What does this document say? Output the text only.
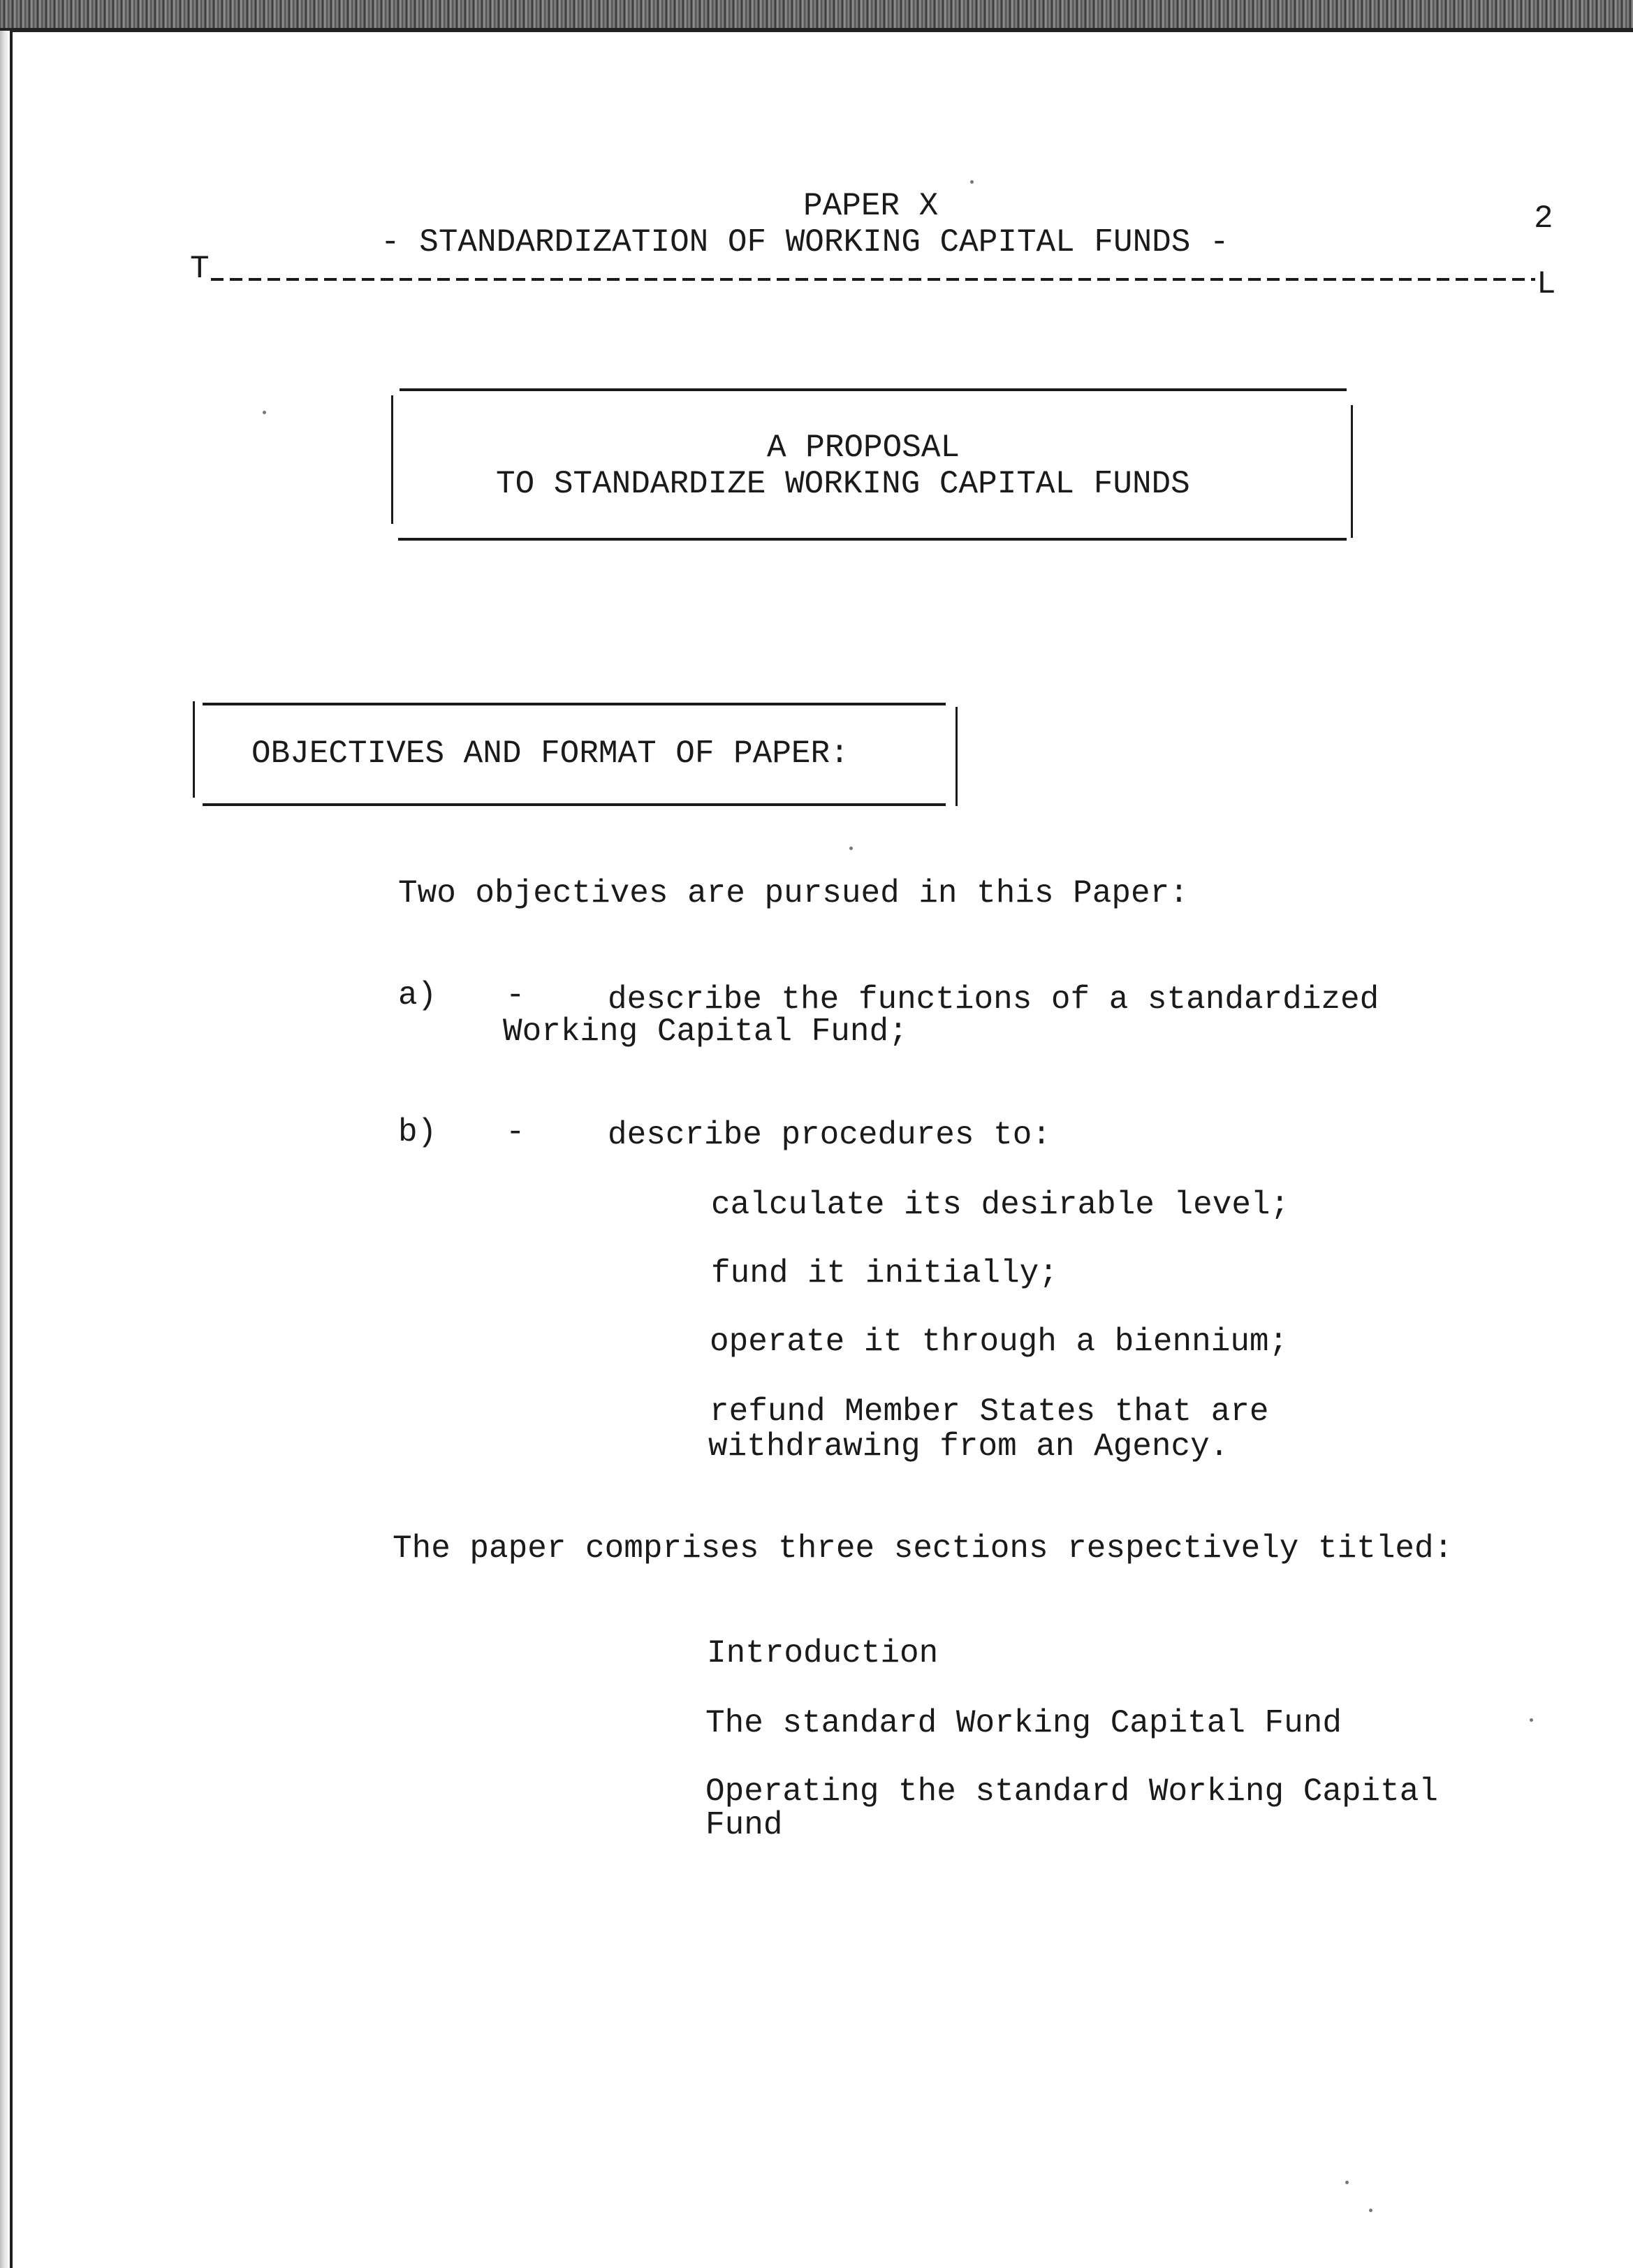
PAPER X	2
- STANDARDIZATION OF WORKING CAPITAL FUNDS -
T	L
A PROPOSAL
TO STANDARDIZE WORKING CAPITAL FUNDS
OBJECTIVES AND FORMAT OF PAPER:
Two objectives are pursued in this Paper:
a) -	describe the functions of a standardized
Working Capital Fund;
b) -	describe procedures to:
calculate its desirable level;
fund it initially;
operate it through a biennium;
refund Member States that are
withdrawing from an Agency.
The paper comprises three sections respectively titled:
Introduction
The standard Working Capital Fund
Operating the standard Working Capital
Fund
